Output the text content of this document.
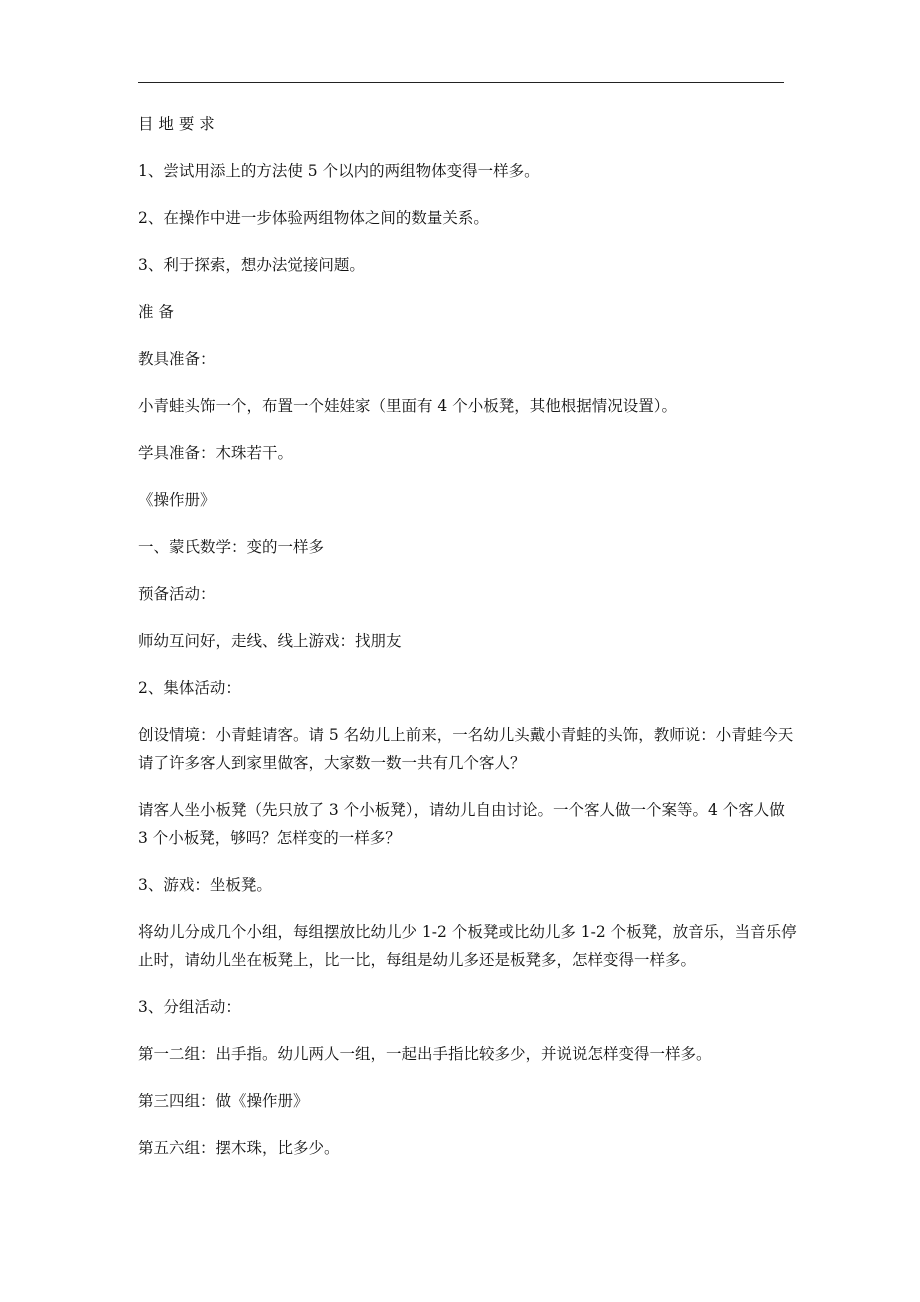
目 地 要 求

1、尝试用添上的方法使 5 个以内的两组物体变得一样多。

2、在操作中进一步体验两组物体之间的数量关系。

3、利于探索，想办法觉接问题。

准 备

教具准备：

小青蛙头饰一个，布置一个娃娃家（里面有 4 个小板凳，其他根据情况设置）。

学具准备：木珠若干。

《操作册》

一、蒙氏数学：变的一样多

预备活动：

师幼互问好，走线、线上游戏：找朋友

2、集体活动：

创设情境：小青蛙请客。请 5 名幼儿上前来，一名幼儿头戴小青蛙的头饰，教师说：小青蛙今天请了许多客人到家里做客，大家数一数一共有几个客人？

请客人坐小板凳（先只放了 3 个小板凳），请幼儿自由讨论。一个客人做一个案等。4 个客人做 3 个小板凳，够吗？怎样变的一样多？

3、游戏：坐板凳。

将幼儿分成几个小组，每组摆放比幼儿少 1-2 个板凳或比幼儿多 1-2 个板凳，放音乐，当音乐停止时，请幼儿坐在板凳上，比一比，每组是幼儿多还是板凳多，怎样变得一样多。

3、分组活动：

第一二组：出手指。幼儿两人一组，一起出手指比较多少，并说说怎样变得一样多。

第三四组：做《操作册》

第五六组：摆木珠，比多少。
